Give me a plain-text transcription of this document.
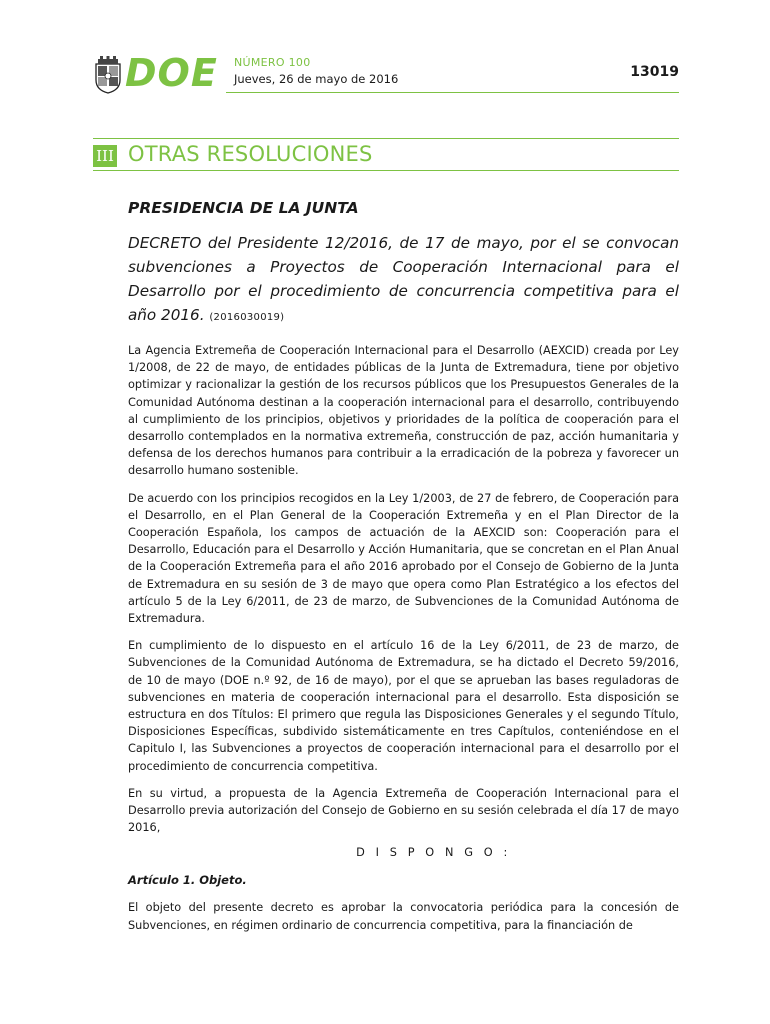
DOE NÚMERO 100
Jueves, 26 de mayo de 2016	13019
III OTRAS RESOLUCIONES
PRESIDENCIA DE LA JUNTA
DECRETO del Presidente 12/2016, de 17 de mayo, por el se convocan subvenciones a Proyectos de Cooperación Internacional para el Desarrollo por el procedimiento de concurrencia competitiva para el año 2016. (2016030019)

La Agencia Extremeña de Cooperación Internacional para el Desarrollo (AEXCID) creada por Ley 1/2008, de 22 de mayo, de entidades públicas de la Junta de Extremadura, tiene por objetivo optimizar y racionalizar la gestión de los recursos públicos que los Presupuestos Generales de la Comunidad Autónoma destinan a la cooperación internacional para el desarrollo, contribuyendo al cumplimiento de los principios, objetivos y prioridades de la política de cooperación para el desarrollo contemplados en la normativa extremeña, construcción de paz, acción humanitaria y defensa de los derechos humanos para contribuir a la erradicación de la pobreza y favorecer un desarrollo humano sostenible.

De acuerdo con los principios recogidos en la Ley 1/2003, de 27 de febrero, de Cooperación para el Desarrollo, en el Plan General de la Cooperación Extremeña y en el Plan Director de la Cooperación Española, los campos de actuación de la AEXCID son: Cooperación para el Desarrollo, Educación para el Desarrollo y Acción Humanitaria, que se concretan en el Plan Anual de la Cooperación Extremeña para el año 2016 aprobado por el Consejo de Gobierno de la Junta de Extremadura en su sesión de 3 de mayo que opera como Plan Estratégico a los efectos del artículo 5 de la Ley 6/2011, de 23 de marzo, de Subvenciones de la Comunidad Autónoma de Extremadura.

En cumplimiento de lo dispuesto en el artículo 16 de la Ley 6/2011, de 23 de marzo, de Subvenciones de la Comunidad Autónoma de Extremadura, se ha dictado el Decreto 59/2016, de 10 de mayo (DOE n.º 92, de 16 de mayo), por el que se aprueban las bases reguladoras de subvenciones en materia de cooperación internacional para el desarrollo. Esta disposición se estructura en dos Títulos: El primero que regula las Disposiciones Generales y el segundo Título, Disposiciones Específicas, subdivido sistemáticamente en tres Capítulos, conteniéndose en el Capitulo I, las Subvenciones a proyectos de cooperación internacional para el desarrollo por el procedimiento de concurrencia competitiva.

En su virtud, a propuesta de la Agencia Extremeña de Cooperación Internacional para el Desarrollo previa autorización del Consejo de Gobierno en su sesión celebrada el día 17 de mayo 2016,

D I S P O N G O :
Artículo 1. Objeto.

El objeto del presente decreto es aprobar la convocatoria periódica para la concesión de Subvenciones, en régimen ordinario de concurrencia competitiva, para la financiación de
